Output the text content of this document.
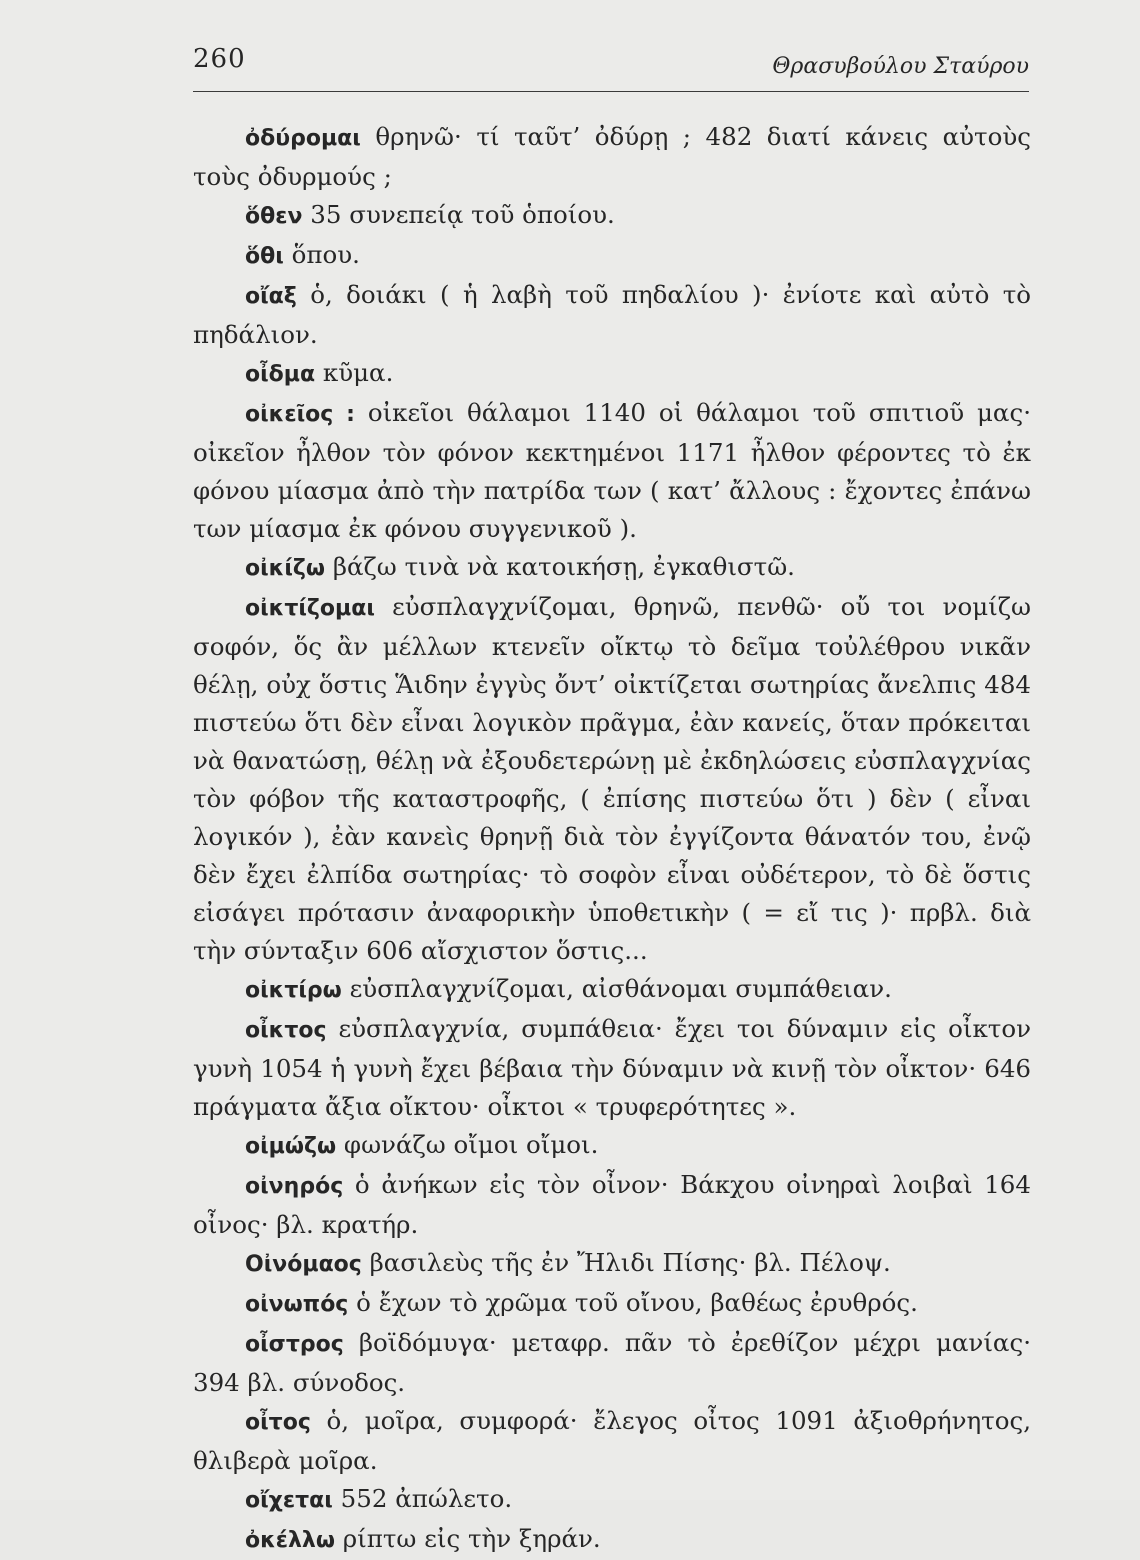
260	Θρασυβούλου Σταύρου

ὀδύρομαι θρηνῶ· τί ταῦτ’ ὀδύρῃ ; 482 διατί κάνεις αὐτοὺς τοὺς ὀδυρμούς ;

ὅθεν 35 συνεπείᾳ τοῦ ὁποίου.

ὅθι ὅπου.

οἴαξ ὁ, δοιάκι ( ἡ λαβὴ τοῦ πηδαλίου )· ἐνίοτε καὶ αὐτὸ τὸ πηδάλιον.

οἶδμα κῦμα.

οἰκεῖος : οἰκεῖοι θάλαμοι 1140 οἱ θάλαμοι τοῦ σπιτιοῦ μας· οἰκεῖον ἦλθον τὸν φόνον κεκτημένοι 1171 ἦλθον φέροντες τὸ ἐκ φόνου μίασμα ἀπὸ τὴν πατρίδα των ( κατ’ ἄλλους : ἔχοντες ἐπάνω των μίασμα ἐκ φόνου συγγενικοῦ ).

οἰκίζω βάζω τινὰ νὰ κατοικήσῃ, ἐγκαθιστῶ.

οἰκτίζομαι εὐσπλαγχνίζομαι, θρηνῶ, πενθῶ· οὔ τοι νομίζω σοφόν, ὅς ἂν μέλλων κτενεῖν οἴκτῳ τὸ δεῖμα τοὐλέθρου νικᾶν θέλῃ, οὐχ ὅστις Ἅιδην ἐγγὺς ὄντ’ οἰκτίζεται σωτηρίας ἄνελπις 484 πιστεύω ὅτι δὲν εἶναι λογικὸν πρᾶγμα, ἐὰν κανείς, ὅταν πρόκειται νὰ θανατώσῃ, θέλῃ νὰ ἐξουδετερώνῃ μὲ ἐκδηλώσεις εὐσπλαγχνίας τὸν φόβον τῆς καταστροφῆς, ( ἐπίσης πιστεύω ὅτι ) δὲν ( εἶναι λογικόν ), ἐὰν κανεὶς θρηνῇ διὰ τὸν ἐγγίζοντα θάνατόν του, ἐνῷ δὲν ἔχει ἐλπίδα σωτηρίας· τὸ σοφὸν εἶναι οὐδέτερον, τὸ δὲ ὅστις εἰσάγει πρότασιν ἀναφορικὴν ὑποθετικὴν ( = εἴ τις )· πρβλ. διὰ τὴν σύνταξιν 606 αἴσχιστον ὅστις...

οἰκτίρω εὐσπλαγχνίζομαι, αἰσθάνομαι συμπάθειαν.

οἶκτος εὐσπλαγχνία, συμπάθεια· ἔχει τοι δύναμιν εἰς οἶκτον γυνὴ 1054 ἡ γυνὴ ἔχει βέβαια τὴν δύναμιν νὰ κινῇ τὸν οἶκτον· 646 πράγματα ἄξια οἴκτου· οἶκτοι « τρυφερότητες ».

οἰμώζω φωνάζω οἴμοι οἴμοι.

οἰνηρός ὁ ἀνήκων εἰς τὸν οἶνον· Βάκχου οἰνηραὶ λοιβαὶ 164 οἶνος· βλ. κρατήρ.

Οἰνόμαος βασιλεὺς τῆς ἐν Ἤλιδι Πίσης· βλ. Πέλοψ.

οἰνωπός ὁ ἔχων τὸ χρῶμα τοῦ οἴνου, βαθέως ἐρυθρός.

οἶστρος βοϊδόμυγα· μεταφρ. πᾶν τὸ ἐρεθίζον μέχρι μανίας· 394 βλ. σύνοδος.

οἶτος ὁ, μοῖρα, συμφορά· ἔλεγος οἶτος 1091 ἀξιοθρήνητος, θλιβερὰ μοῖρα.

οἴχεται 552 ἀπώλετο.

ὀκέλλω ρίπτω εἰς τὴν ξηράν.
